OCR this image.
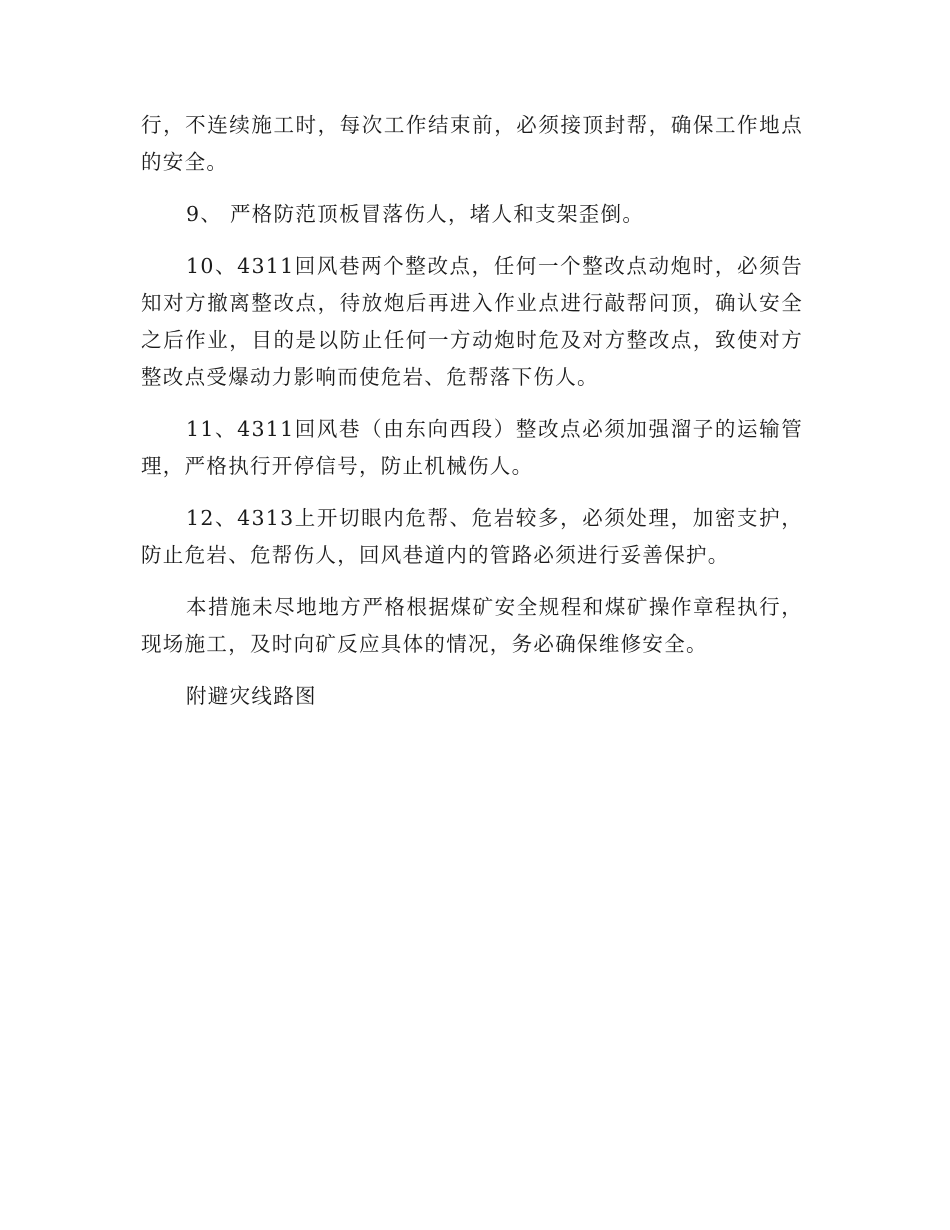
行，不连续施工时，每次工作结束前，必须接顶封帮，确保工作地点的安全。

9、 严格防范顶板冒落伤人，堵人和支架歪倒。

10、4311回风巷两个整改点，任何一个整改点动炮时，必须告知对方撤离整改点，待放炮后再进入作业点进行敲帮问顶，确认安全之后作业，目的是以防止任何一方动炮时危及对方整改点，致使对方整改点受爆动力影响而使危岩、危帮落下伤人。

11、4311回风巷（由东向西段）整改点必须加强溜子的运输管理，严格执行开停信号，防止机械伤人。

12、4313上开切眼内危帮、危岩较多，必须处理，加密支护，防止危岩、危帮伤人，回风巷道内的管路必须进行妥善保护。

本措施未尽地地方严格根据煤矿安全规程和煤矿操作章程执行，现场施工，及时向矿反应具体的情况，务必确保维修安全。

附避灾线路图
